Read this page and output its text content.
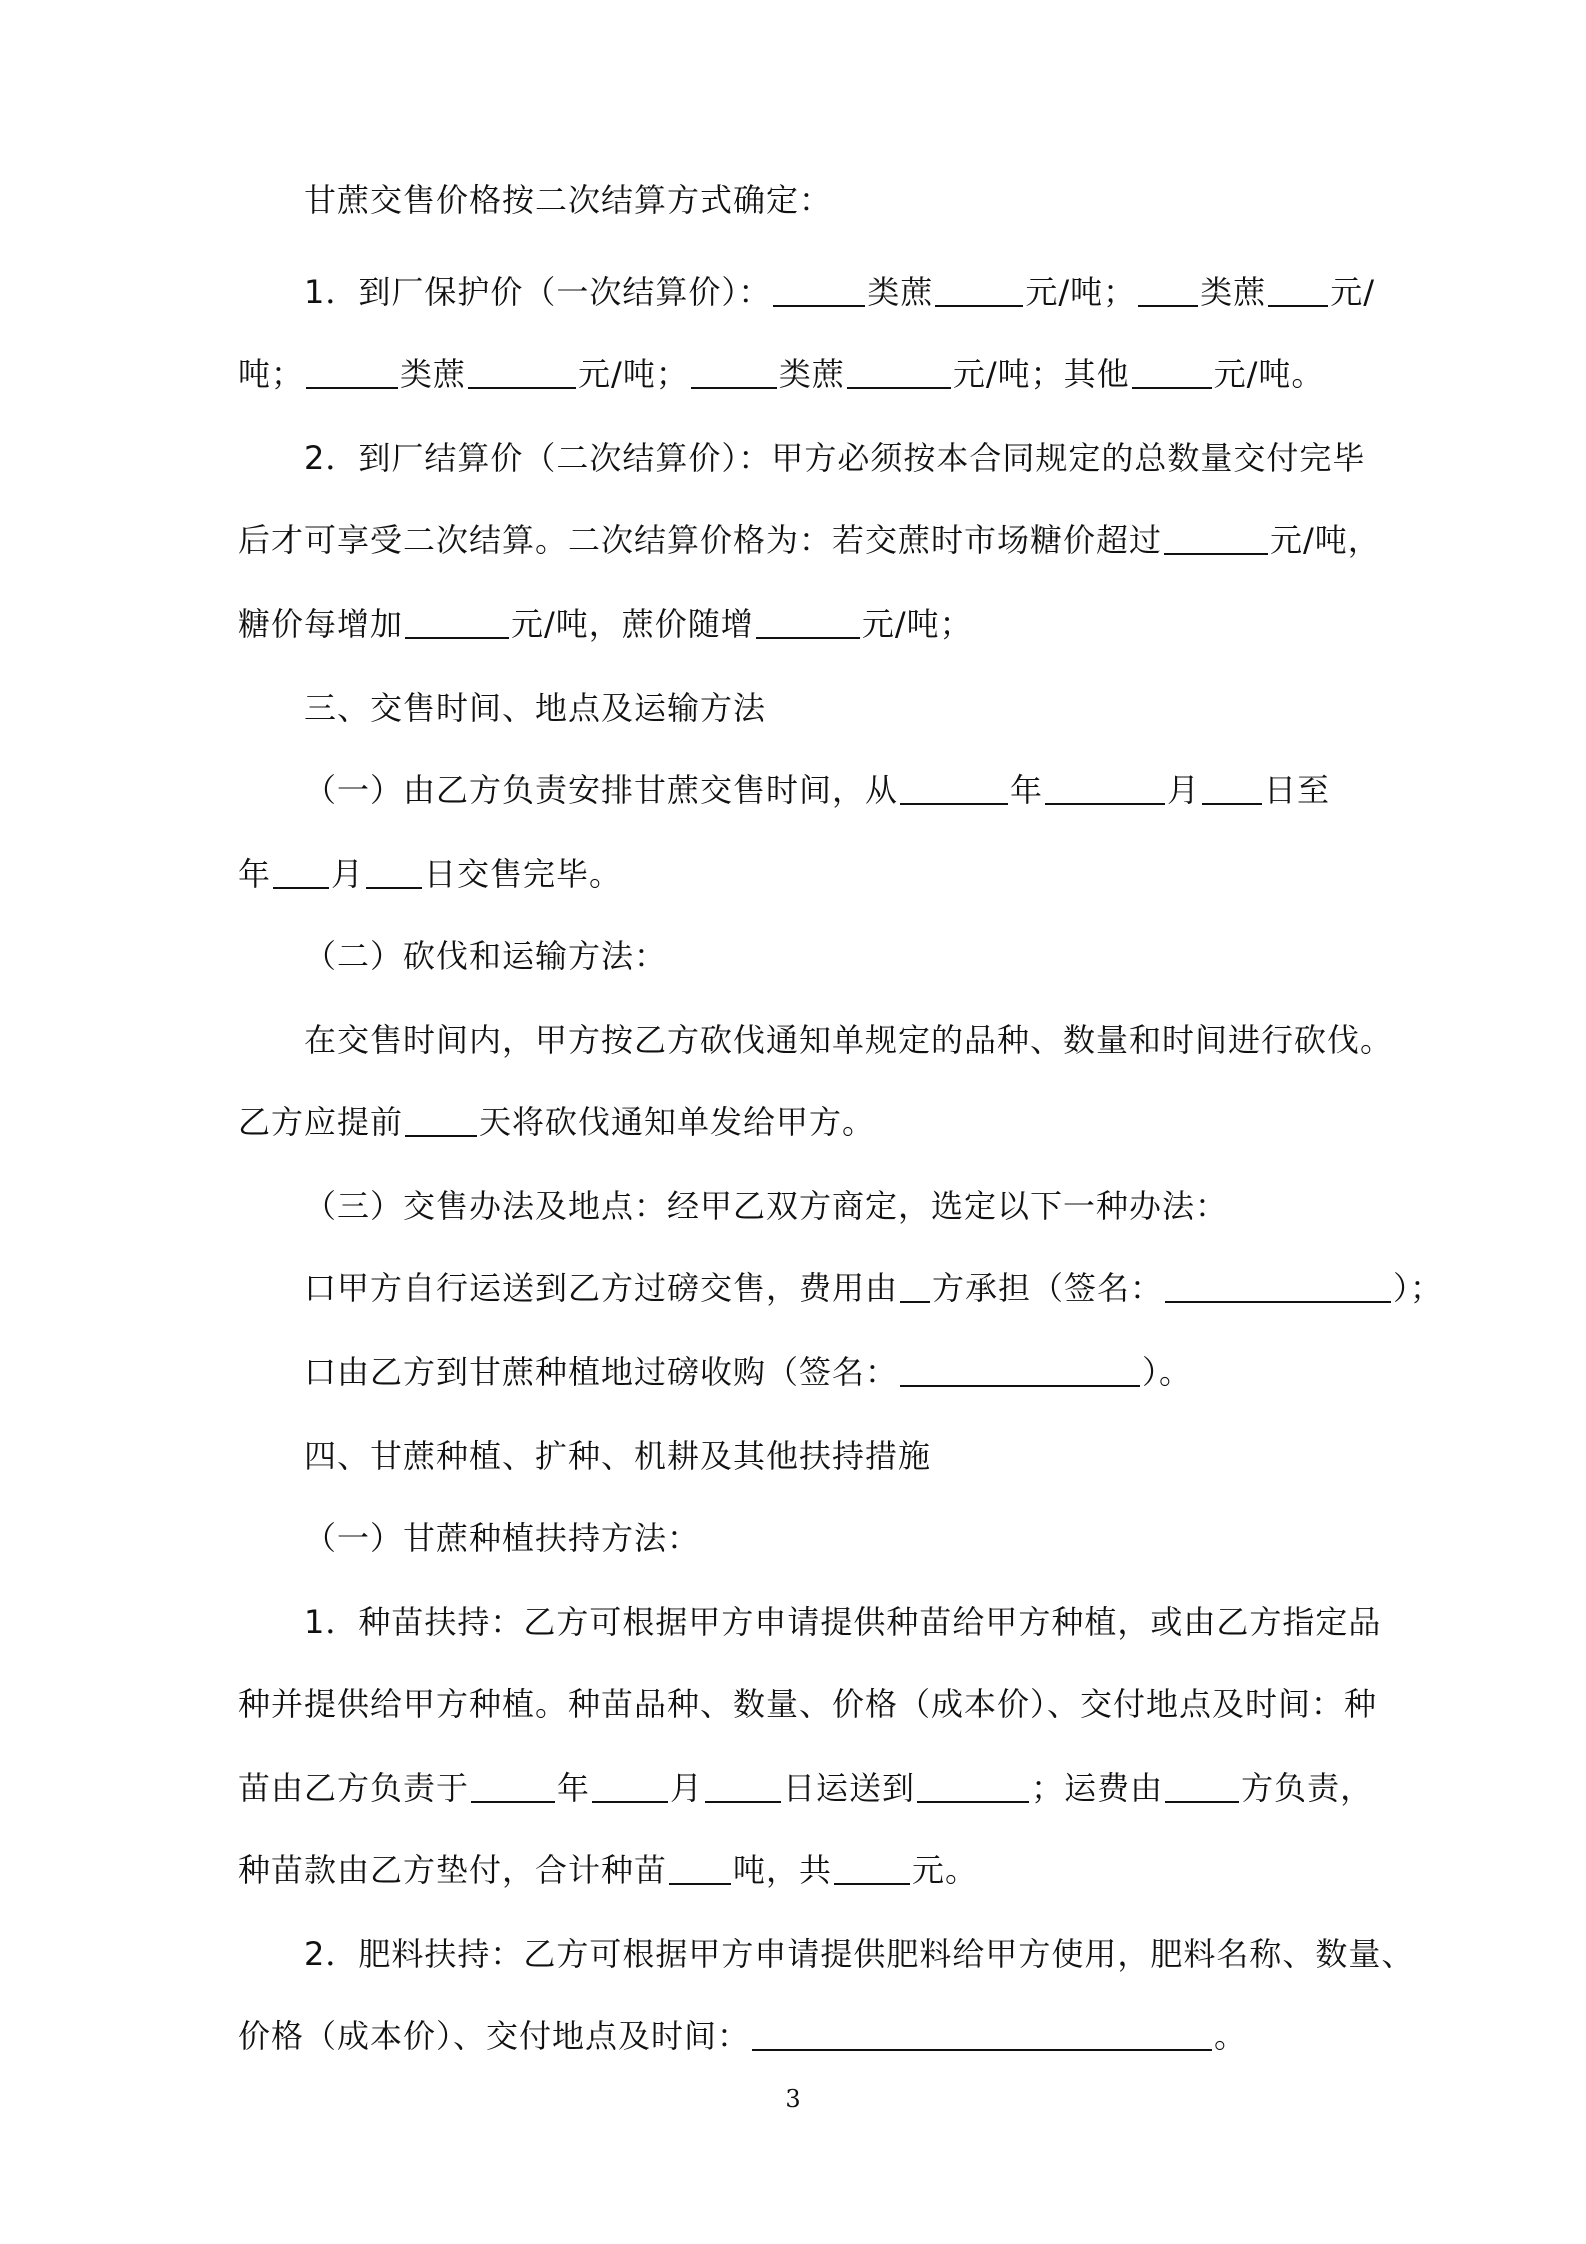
甘蔗交售价格按二次结算方式确定：
1．到厂保护价（一次结算价）：	类蔗	元/吨； 类蔗 元/
吨；	类蔗	元/吨；	类蔗	元/吨；其他	元/吨。
2．到厂结算价（二次结算价）：甲方必须按本合同规定的总数量交付完毕
后才可享受二次结算。二次结算价格为：若交蔗时市场糖价超过	元/吨，
糖价每增加	元/吨，蔗价随增	元/吨；
三、交售时间、地点及运输方法
（一）由乙方负责安排甘蔗交售时间，从	年	月 日至
年 月 日交售完毕。
（二）砍伐和运输方法：
在交售时间内，甲方按乙方砍伐通知单规定的品种、数量和时间进行砍伐。
乙方应提前 天将砍伐通知单发给甲方。
（三）交售办法及地点：经甲乙双方商定，选定以下一种办法：
口甲方自行运送到乙方过磅交售，费用由 方承担（签名：	）；
口由乙方到甘蔗种植地过磅收购（签名：	）。
四、甘蔗种植、扩种、机耕及其他扶持措施
（一）甘蔗种植扶持方法：
1．种苗扶持：乙方可根据甲方申请提供种苗给甲方种植，或由乙方指定品
种并提供给甲方种植。种苗品种、数量、价格（成本价）、交付地点及时间：种
苗由乙方负责于	年	月	日运送到	；运费由 方负责，
种苗款由乙方垫付，合计种苗 吨，共	元。
2．肥料扶持：乙方可根据甲方申请提供肥料给甲方使用，肥料名称、数量、
价格（成本价）、交付地点及时间：	。
3
